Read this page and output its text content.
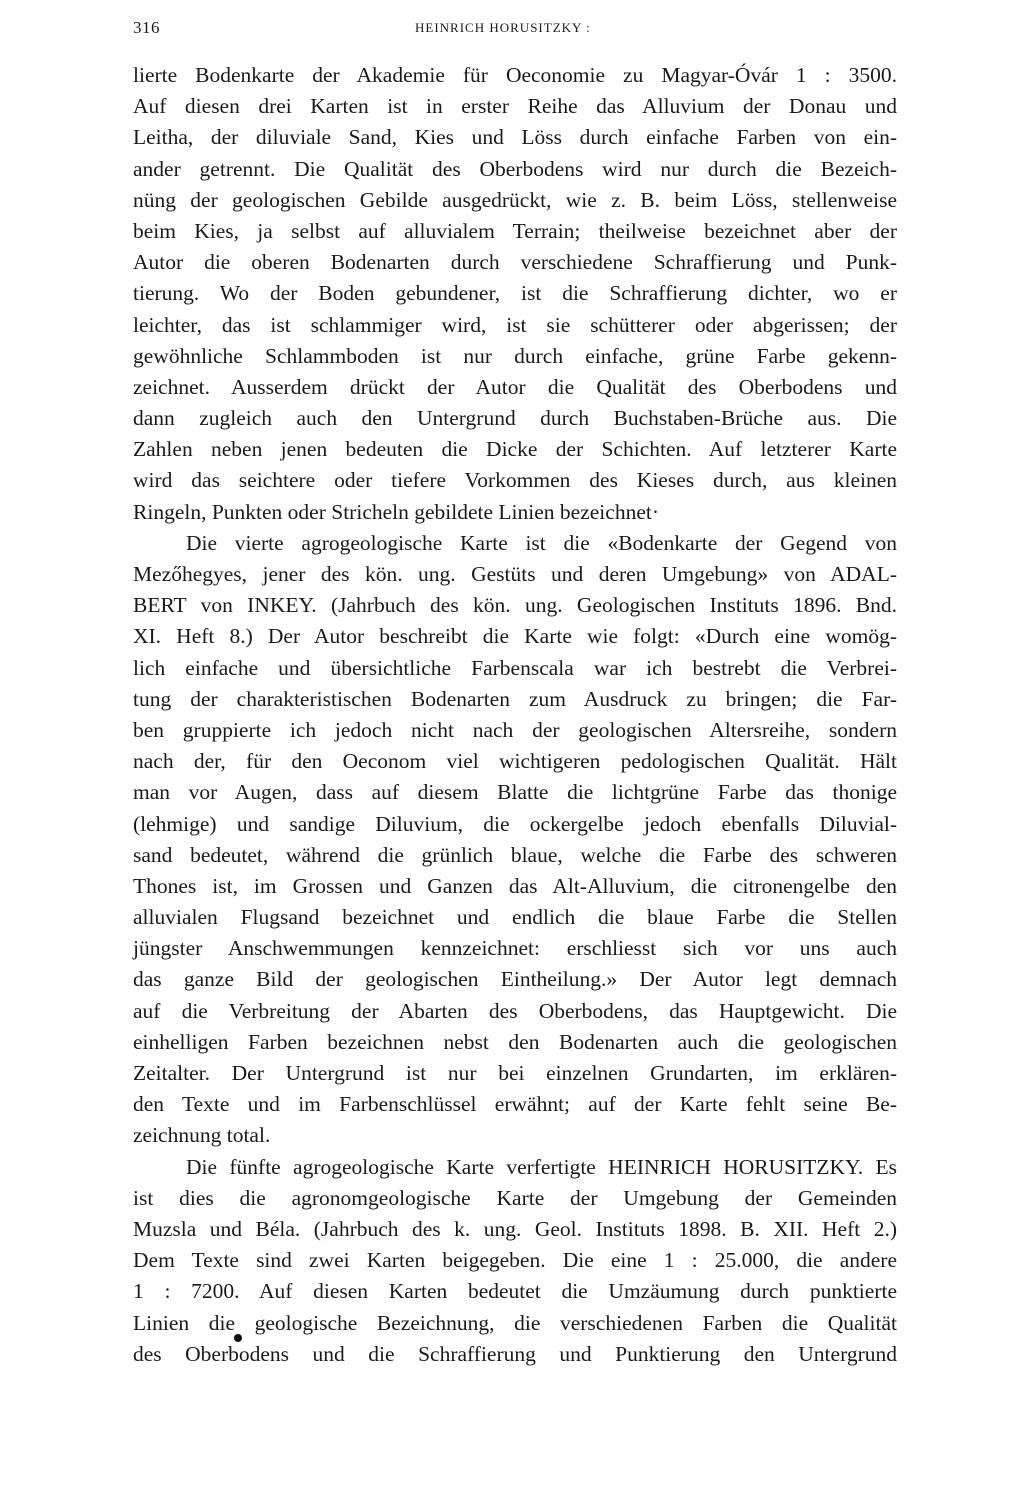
316	HEINRICH HORUSITZKY :
lierte Bodenkarte der Akademie für Oeconomie zu Magyar-Óvár 1 : 3500.
Auf diesen drei Karten ist in erster Reihe das Alluvium der Donau und
Leitha, der diluviale Sand, Kies und Löss durch einfache Farben von ein-
ander getrennt. Die Qualität des Oberbodens wird nur durch die Bezeich-
nüng der geologischen Gebilde ausgedrückt, wie z. B. beim Löss, stellenweise
beim Kies, ja selbst auf alluvialem Terrain; theilweise bezeichnet aber der
Autor die oberen Bodenarten durch verschiedene Schraffierung und Punk-
tierung. Wo der Boden gebundener, ist die Schraffierung dichter, wo er
leichter, das ist schlammiger wird, ist sie schütterer oder abgerissen; der
gewöhnliche Schlammboden ist nur durch einfache, grüne Farbe gekenn-
zeichnet. Ausserdem drückt der Autor die Qualität des Oberbodens und
dann zugleich auch den Untergrund durch Buchstaben-Brüche aus. Die
Zahlen neben jenen bedeuten die Dicke der Schichten. Auf letzterer Karte
wird das seichtere oder tiefere Vorkommen des Kieses durch, aus kleinen
Ringeln, Punkten oder Stricheln gebildete Linien bezeichnet·
Die vierte agrogeologische Karte ist die «Bodenkarte der Gegend von
Mezőhegyes, jener des kön. ung. Gestüts und deren Umgebung» von ADAL-
BERT von INKEY. (Jahrbuch des kön. ung. Geologischen Instituts 1896. Bnd.
XI. Heft 8.) Der Autor beschreibt die Karte wie folgt: «Durch eine womög-
lich einfache und übersichtliche Farbenscala war ich bestrebt die Verbrei-
tung der charakteristischen Bodenarten zum Ausdruck zu bringen; die Far-
ben gruppierte ich jedoch nicht nach der geologischen Altersreihe, sondern
nach der, für den Oeconom viel wichtigeren pedologischen Qualität. Hält
man vor Augen, dass auf diesem Blatte die lichtgrüne Farbe das thonige
(lehmige) und sandige Diluvium, die ockergelbe jedoch ebenfalls Diluvial-
sand bedeutet, während die grünlich blaue, welche die Farbe des schweren
Thones ist, im Grossen und Ganzen das Alt-Alluvium, die citronengelbe den
alluvialen Flugsand bezeichnet und endlich die blaue Farbe die Stellen
jüngster Anschwemmungen kennzeichnet: erschliesst sich vor uns auch
das ganze Bild der geologischen Eintheilung.» Der Autor legt demnach
auf die Verbreitung der Abarten des Oberbodens, das Hauptgewicht. Die
einhelligen Farben bezeichnen nebst den Bodenarten auch die geologischen
Zeitalter. Der Untergrund ist nur bei einzelnen Grundarten, im erklären-
den Texte und im Farbenschlüssel erwähnt; auf der Karte fehlt seine Be-
zeichnung total.
Die fünfte agrogeologische Karte verfertigte HEINRICH HORUSITZKY. Es
ist dies die agronomgeologische Karte der Umgebung der Gemeinden
Muzsla und Béla. (Jahrbuch des k. ung. Geol. Instituts 1898. B. XII. Heft 2.)
Dem Texte sind zwei Karten beigegeben. Die eine 1 : 25.000, die andere
1 : 7200. Auf diesen Karten bedeutet die Umzäumung durch punktierte
Linien die geologische Bezeichnung, die verschiedenen Farben die Qualität
des Oberbodens und die Schraffierung und Punktierung den Untergrund
